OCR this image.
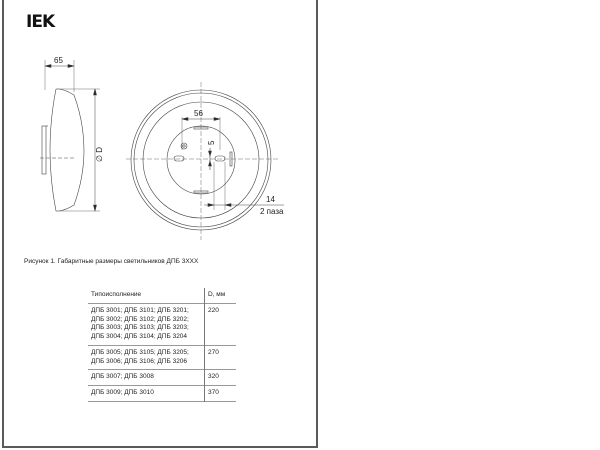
IEK
65
∅ D
56
5
14
2 паза
Рисунок 1. Габаритные размеры светильников ДПБ 3ХХХ
Типоисполнение	D, мм

ДПБ 3001; ДПБ 3101; ДПБ 3201;
ДПБ 3002; ДПБ 3102; ДПБ 3202;
ДПБ 3003; ДПБ 3103; ДПБ 3203;
ДПБ 3004; ДПБ 3104; ДПБ 3204	220

ДПБ 3005; ДПБ 3105; ДПБ 3205;
ДПБ 3006; ДПБ 3106; ДПБ 3206	270

ДПБ 3007; ДПБ 3008	320

ДПБ 3009; ДПБ 3010	370
